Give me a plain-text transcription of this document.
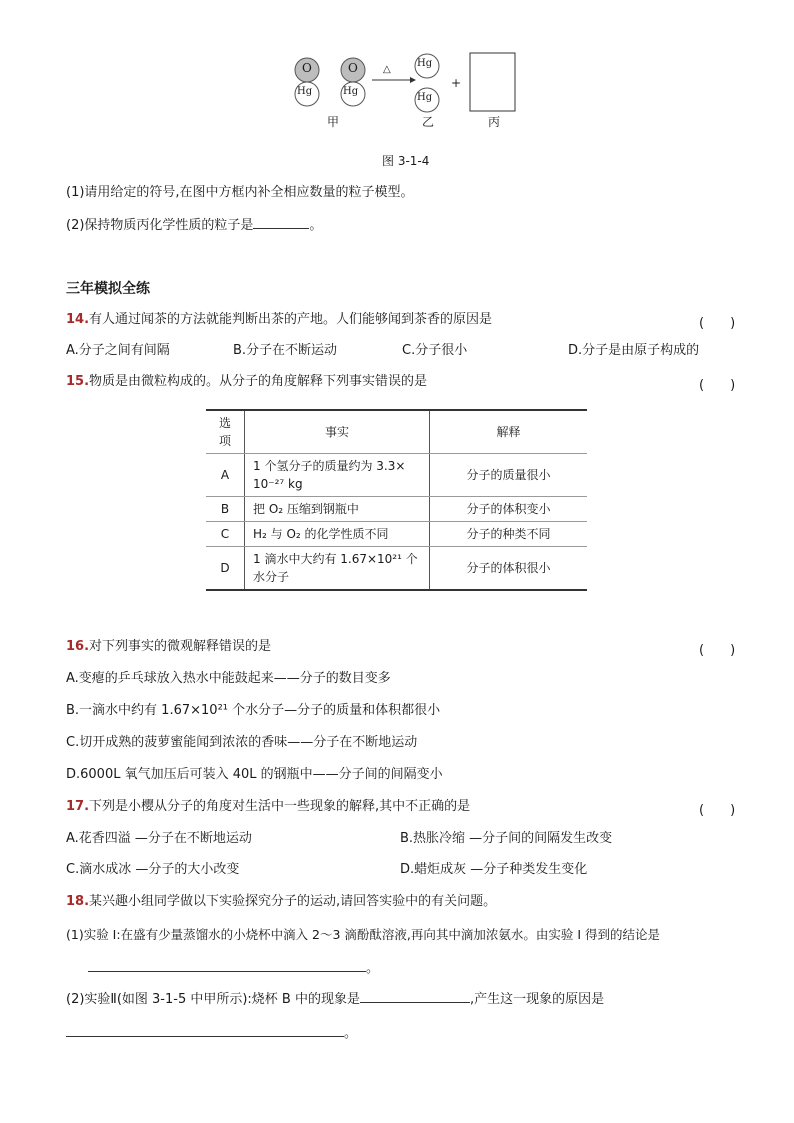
O
Hg
O
Hg
△
Hg
Hg
+
甲	乙	丙
图 3-1-4
(1)请用给定的符号,在图中方框内补全相应数量的粒子模型。
(2)保持物质丙化学性质的粒子是	。
三年模拟全练
14.有人通过闻茶的方法就能判断出茶的产地。人们能够闻到茶香的原因是	(　　)
A.分子之间有间隔	B.分子在不断运动	C.分子很小	D.分子是由原子构成的
15.物质是由微粒构成的。从分子的角度解释下列事实错误的是	(　　)
选项	事实	解释
A	1 个氢分子的质量约为 3.3×
10⁻²⁷ kg	分子的质量很小
B	把 O₂ 压缩到钢瓶中	分子的体积变小
C	H₂ 与 O₂ 的化学性质不同	分子的种类不同
D	1 滴水中大约有 1.67×10²¹ 个
水分子	分子的体积很小
16.对下列事实的微观解释错误的是	(　　)
A.变瘪的乒乓球放入热水中能鼓起来——分子的数目变多
B.一滴水中约有 1.67×10²¹ 个水分子—分子的质量和体积都很小
C.切开成熟的菠萝蜜能闻到浓浓的香味——分子在不断地运动
D.6000L 氧气加压后可装入 40L 的钢瓶中——分子间的间隔变小
17.下列是小樱从分子的角度对生活中一些现象的解释,其中不正确的是	(　　)
A.花香四溢 —分子在不断地运动	B.热胀冷缩 —分子间的间隔发生改变
C.滴水成冰 —分子的大小改变	D.蜡炬成灰 —分子种类发生变化
18.某兴趣小组同学做以下实验探究分子的运动,请回答实验中的有关问题。
(1)实验 I:在盛有少量蒸馏水的小烧杯中滴入 2～3 滴酚酞溶液,再向其中滴加浓氨水。由实验 I 得到的结论是
。
(2)实验Ⅱ(如图 3-1-5 中甲所示):烧杯 B 中的现象是	,产生这一现象的原因是
。
